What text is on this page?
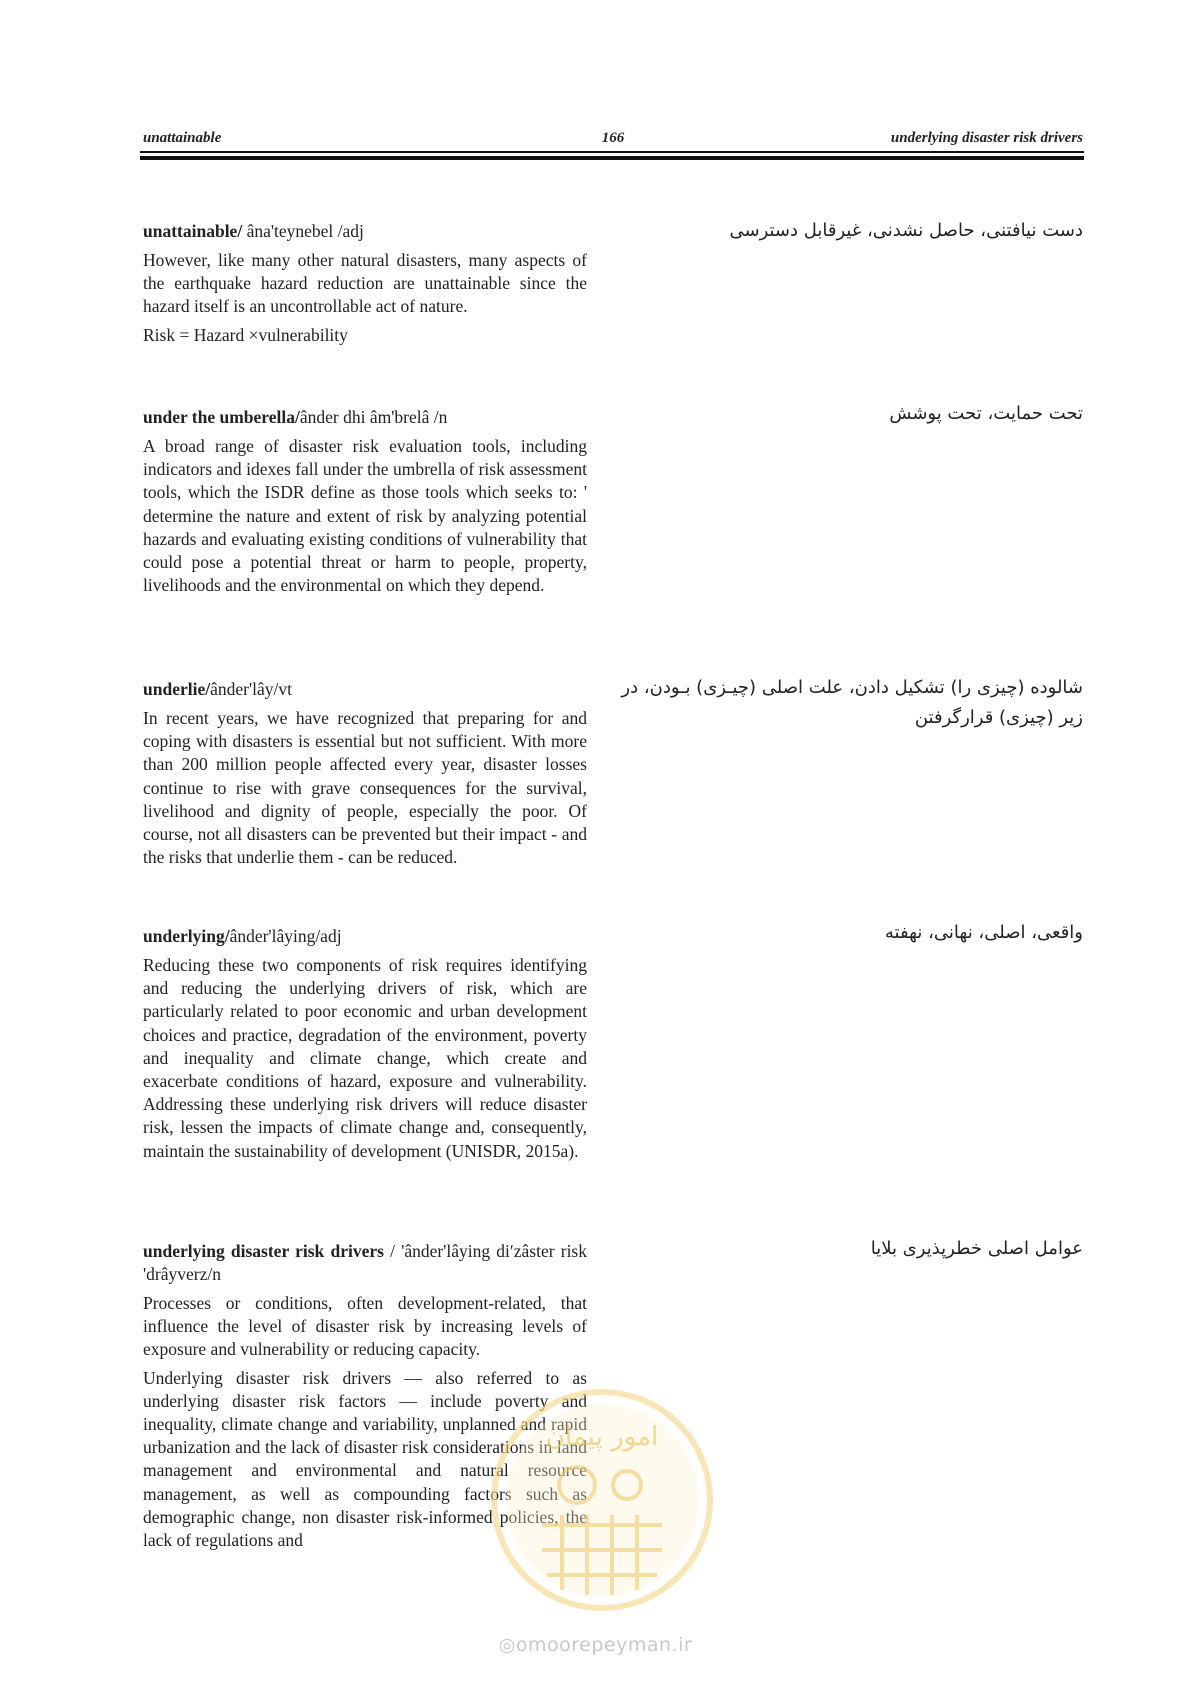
unattainable	166	underlying disaster risk drivers

unattainable/ âna'teynebel /adj

However, like many other natural disasters, many aspects of the earthquake hazard reduction are unattainable since the hazard itself is an uncontrollable act of nature.

Risk = Hazard ×vulnerability

دست نیافتنی، حاصل نشدنی، غیرقابل دسترسی

under the umberella/ânder dhi âm'brelâ /n

A broad range of disaster risk evaluation tools, including indicators and idexes fall under the umbrella of risk assessment tools, which the ISDR define as those tools which seeks to: ' determine the nature and extent of risk by analyzing potential hazards and evaluating existing conditions of vulnerability that could pose a potential threat or harm to people, property, livelihoods and the environmental on which they depend.

تحت حمایت، تحت پوشش

underlie/ânder'lây/vt

In recent years, we have recognized that preparing for and coping with disasters is essential but not sufficient. With more than 200 million people affected every year, disaster losses continue to rise with grave consequences for the survival, livelihood and dignity of people, especially the poor. Of course, not all disasters can be prevented but their impact - and the risks that underlie them - can be reduced.

شالوده (چیزی را) تشکیل دادن، علت اصلی (چیـزی) بـودن، در زیر (چیزی) قرارگرفتن

underlying/ânder'lâying/adj

Reducing these two components of risk requires identifying and reducing the underlying drivers of risk, which are particularly related to poor economic and urban development choices and practice, degradation of the environment, poverty and inequality and climate change, which create and exacerbate conditions of hazard, exposure and vulnerability. Addressing these underlying risk drivers will reduce disaster risk, lessen the impacts of climate change and, consequently, maintain the sustainability of development (UNISDR, 2015a).

واقعی، اصلی، نهانی، نهفته

underlying disaster risk drivers / 'ânder'lâying diʹzâster risk 'drâyverz/n

Processes or conditions, often development-related, that influence the level of disaster risk by increasing levels of exposure and vulnerability or reducing capacity.

Underlying disaster risk drivers — also referred to as underlying disaster risk factors — include poverty and inequality, climate change and variability, unplanned and rapid urbanization and the lack of disaster risk considerations in land management and environmental and natural resource management, as well as compounding factors such as demographic change, non disaster risk-informed policies, the lack of regulations and

عوامل اصلی خطرپذیری بلایا
امور پیمان
◎omoorepeyman.ir
